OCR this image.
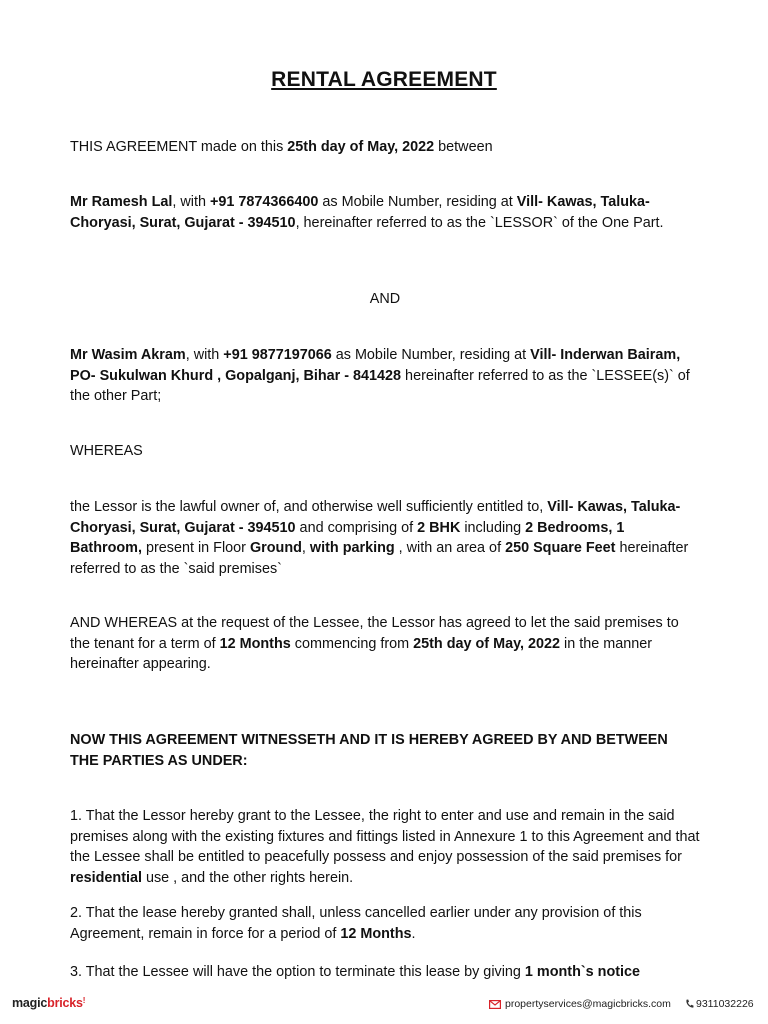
RENTAL AGREEMENT
THIS AGREEMENT made on this 25th day of May, 2022 between
Mr Ramesh Lal, with +91 7874366400 as Mobile Number, residing at Vill- Kawas, Taluka-Choryasi, Surat, Gujarat - 394510, hereinafter referred to as the `LESSOR` of the One Part.
AND
Mr Wasim Akram, with +91 9877197066 as Mobile Number, residing at Vill- Inderwan Bairam, PO- Sukulwan Khurd , Gopalganj, Bihar - 841428 hereinafter referred to as the `LESSEE(s)` of the other Part;
WHEREAS
the Lessor is the lawful owner of, and otherwise well sufficiently entitled to, Vill- Kawas, Taluka-Choryasi, Surat, Gujarat - 394510 and comprising of 2 BHK including 2 Bedrooms, 1 Bathroom, present in Floor Ground, with parking , with an area of 250 Square Feet hereinafter referred to as the `said premises`
AND WHEREAS at the request of the Lessee, the Lessor has agreed to let the said premises to the tenant for a term of 12 Months commencing from 25th day of May, 2022 in the manner hereinafter appearing.
NOW THIS AGREEMENT WITNESSETH AND IT IS HEREBY AGREED BY AND BETWEEN THE PARTIES AS UNDER:
1. That the Lessor hereby grant to the Lessee, the right to enter and use and remain in the said premises along with the existing fixtures and fittings listed in Annexure 1 to this Agreement and that the Lessee shall be entitled to peacefully possess and enjoy possession of the said premises for residential use , and the other rights herein.
2. That the lease hereby granted shall, unless cancelled earlier under any provision of this Agreement, remain in force for a period of 12 Months.
3. That the Lessee will have the option to terminate this lease by giving 1 month`s notice
magicbricks!	propertyservices@magicbricks.com	9311032226
